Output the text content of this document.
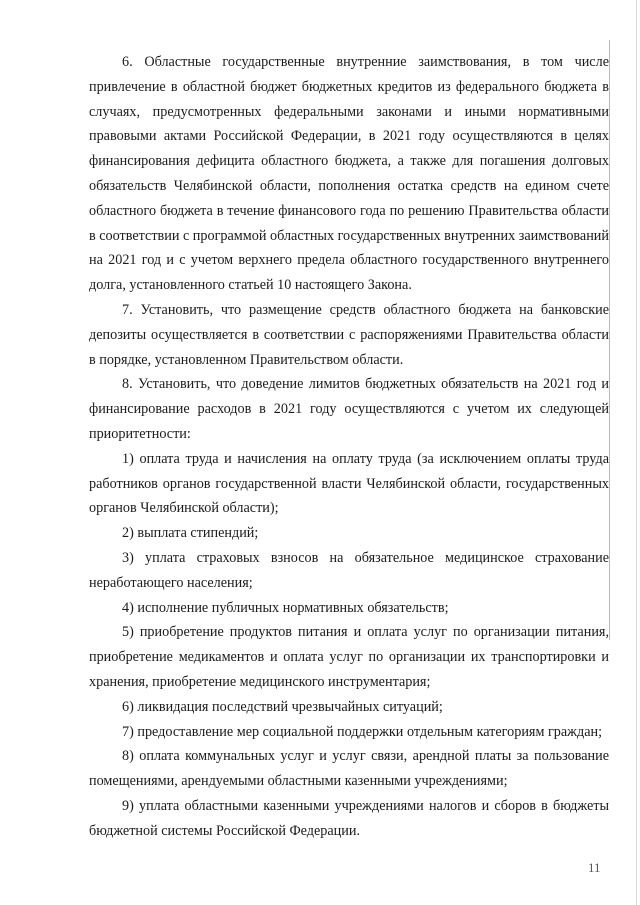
6. Областные государственные внутренние заимствования, в том числе привлечение в областной бюджет бюджетных кредитов из федерального бюджета в случаях, предусмотренных федеральными законами и иными нормативными правовыми актами Российской Федерации, в 2021 году осуществляются в целях финансирования дефицита областного бюджета, а также для погашения долговых обязательств Челябинской области, пополнения остатка средств на едином счете областного бюджета в течение финансового года по решению Правительства области в соответствии с программой областных государственных внутренних заимствований на 2021 год и с учетом верхнего предела областного государственного внутреннего долга, установленного статьей 10 настоящего Закона.

7. Установить, что размещение средств областного бюджета на банковские депозиты осуществляется в соответствии с распоряжениями Правительства области в порядке, установленном Правительством области.

8. Установить, что доведение лимитов бюджетных обязательств на 2021 год и финансирование расходов в 2021 году осуществляются с учетом их следующей приоритетности:

1) оплата труда и начисления на оплату труда (за исключением оплаты труда работников органов государственной власти Челябинской области, государственных органов Челябинской области);

2) выплата стипендий;

3) уплата страховых взносов на обязательное медицинское страхование неработающего населения;

4) исполнение публичных нормативных обязательств;

5) приобретение продуктов питания и оплата услуг по организации питания, приобретение медикаментов и оплата услуг по организации их транспортировки и хранения, приобретение медицинского инструментария;

6) ликвидация последствий чрезвычайных ситуаций;

7) предоставление мер социальной поддержки отдельным категориям граждан;

8) оплата коммунальных услуг и услуг связи, арендной платы за пользование помещениями, арендуемыми областными казенными учреждениями;

9) уплата областными казенными учреждениями налогов и сборов в бюджеты бюджетной системы Российской Федерации.

11
